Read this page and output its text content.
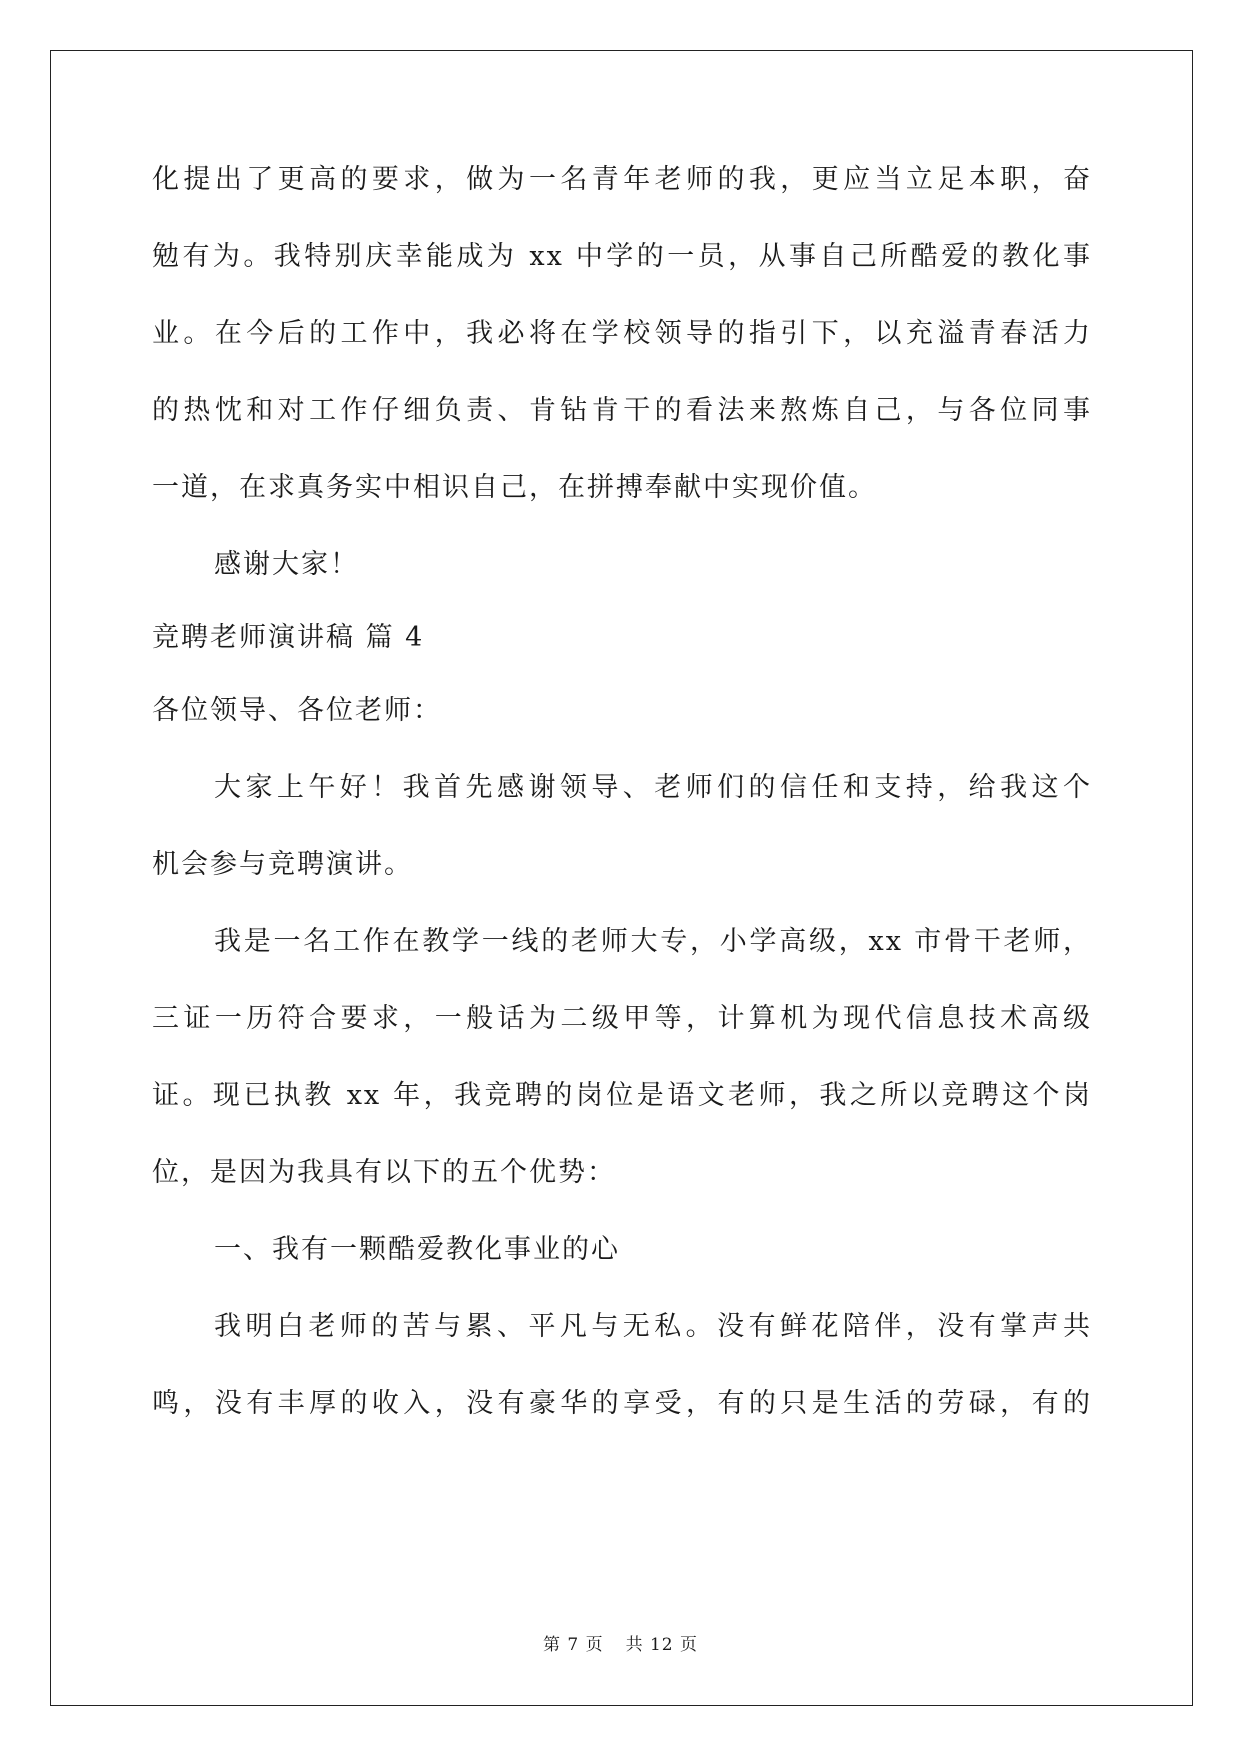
化提出了更高的要求，做为一名青年老师的我，更应当立足本职，奋
勉有为。我特别庆幸能成为 xx 中学的一员，从事自己所酷爱的教化事
业。在今后的工作中，我必将在学校领导的指引下，以充溢青春活力
的热忱和对工作仔细负责、肯钻肯干的看法来熬炼自己，与各位同事
一道，在求真务实中相识自己，在拼搏奉献中实现价值。
感谢大家！
竞聘老师演讲稿 篇 4
各位领导、各位老师：
大家上午好！我首先感谢领导、老师们的信任和支持，给我这个
机会参与竞聘演讲。
我是一名工作在教学一线的老师大专，小学高级，xx 市骨干老师，
三证一历符合要求，一般话为二级甲等，计算机为现代信息技术高级
证。现已执教 xx 年，我竞聘的岗位是语文老师，我之所以竞聘这个岗
位，是因为我具有以下的五个优势：
一、我有一颗酷爱教化事业的心
我明白老师的苦与累、平凡与无私。没有鲜花陪伴，没有掌声共
鸣，没有丰厚的收入，没有豪华的享受，有的只是生活的劳碌，有的
第 7 页 共 12 页
